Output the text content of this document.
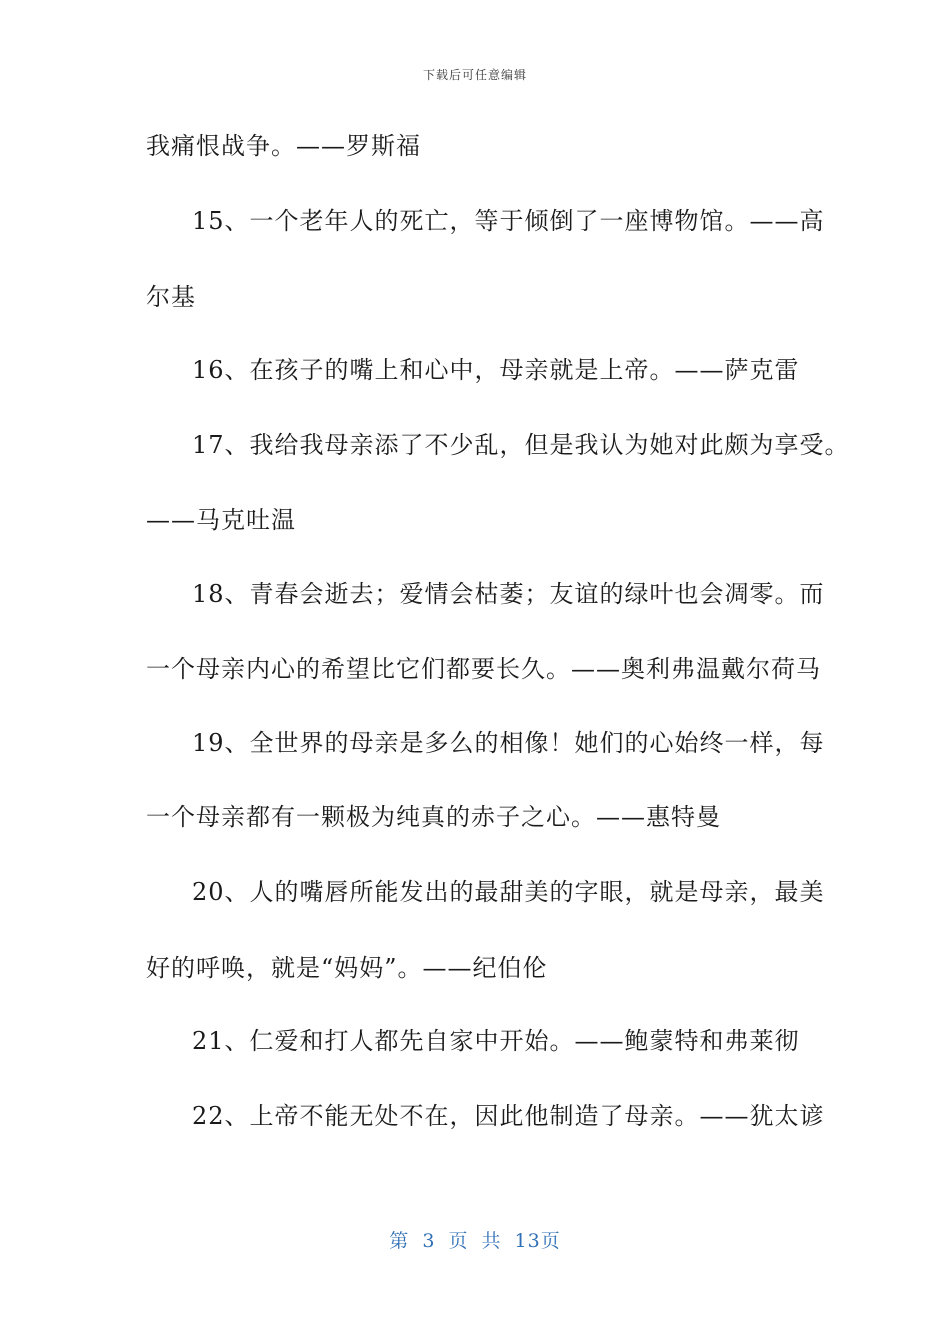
下载后可任意编辑
我痛恨战争。——罗斯福
15、一个老年人的死亡，等于倾倒了一座博物馆。——高
尔基
16、在孩子的嘴上和心中，母亲就是上帝。——萨克雷
17、我给我母亲添了不少乱，但是我认为她对此颇为享受。
——马克吐温
18、青春会逝去；爱情会枯萎；友谊的绿叶也会凋零。而
一个母亲内心的希望比它们都要长久。——奥利弗温戴尔荷马
19、全世界的母亲是多么的相像！她们的心始终一样，每
一个母亲都有一颗极为纯真的赤子之心。——惠特曼
20、人的嘴唇所能发出的最甜美的字眼，就是母亲，最美
好的呼唤，就是“妈妈”。——纪伯伦
21、仁爱和打人都先自家中开始。——鲍蒙特和弗莱彻
22、上帝不能无处不在，因此他制造了母亲。——犹太谚
第 3 页 共 13页
